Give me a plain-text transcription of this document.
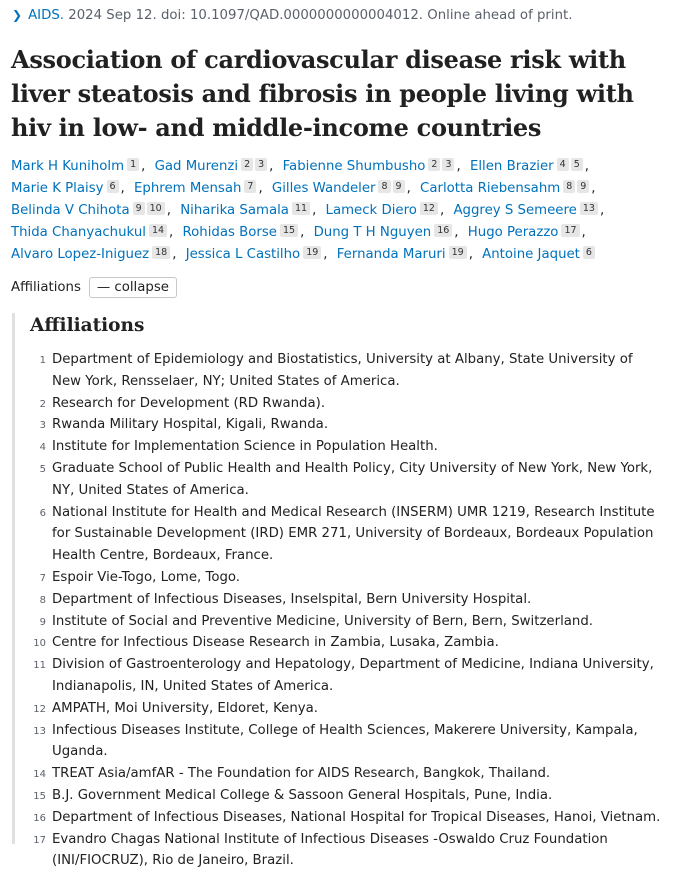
❯ AIDS. 2024 Sep 12. doi: 10.1097/QAD.0000000000004012. Online ahead of print.
Association of cardiovascular disease risk with liver steatosis and fibrosis in people living with hiv in low- and middle-income countries
Mark H Kuniholm $^1$ , Gad Murenzi $^{2 3}$ , Fabienne Shumbusho $^{2 3}$ , Ellen Brazier $^{4 5}$ , Marie K Plaisy $^6$ , Ephrem Mensah $^7$ , Gilles Wandeler $^{8 9}$ , Carlotta Riebensahm $^{8 9}$ , Belinda V Chihota $^{9 10}$ , Niharika Samala $^{11}$ , Lameck Diero $^{12}$ , Aggrey S Semeere $^{13}$ , Thida Chanyachukul $^{14}$ , Rohidas Borse $^{15}$ , Dung T H Nguyen $^{16}$ , Hugo Perazzo $^{17}$ , Alvaro Lopez-Iniguez $^{18}$ , Jessica L Castilho $^{19}$ , Fernanda Maruri $^{19}$ , Antoine Jaquet $^6$
Affiliations	— collapse
Affiliations
1 Department of Epidemiology and Biostatistics, University at Albany, State University of New York, Rensselaer, NY; United States of America.
2 Research for Development (RD Rwanda).
3 Rwanda Military Hospital, Kigali, Rwanda.
4 Institute for Implementation Science in Population Health.
5 Graduate School of Public Health and Health Policy, City University of New York, New York, NY, United States of America.
6 National Institute for Health and Medical Research (INSERM) UMR 1219, Research Institute for Sustainable Development (IRD) EMR 271, University of Bordeaux, Bordeaux Population Health Centre, Bordeaux, France.
7 Espoir Vie-Togo, Lome, Togo.
8 Department of Infectious Diseases, Inselspital, Bern University Hospital.
9 Institute of Social and Preventive Medicine, University of Bern, Bern, Switzerland.
10 Centre for Infectious Disease Research in Zambia, Lusaka, Zambia.
11 Division of Gastroenterology and Hepatology, Department of Medicine, Indiana University, Indianapolis, IN, United States of America.
12 AMPATH, Moi University, Eldoret, Kenya.
13 Infectious Diseases Institute, College of Health Sciences, Makerere University, Kampala, Uganda.
14 TREAT Asia/amfAR - The Foundation for AIDS Research, Bangkok, Thailand.
15 B.J. Government Medical College & Sassoon General Hospitals, Pune, India.
16 Department of Infectious Diseases, National Hospital for Tropical Diseases, Hanoi, Vietnam.
17 Evandro Chagas National Institute of Infectious Diseases -Oswaldo Cruz Foundation (INI/FIOCRUZ), Rio de Janeiro, Brazil.
